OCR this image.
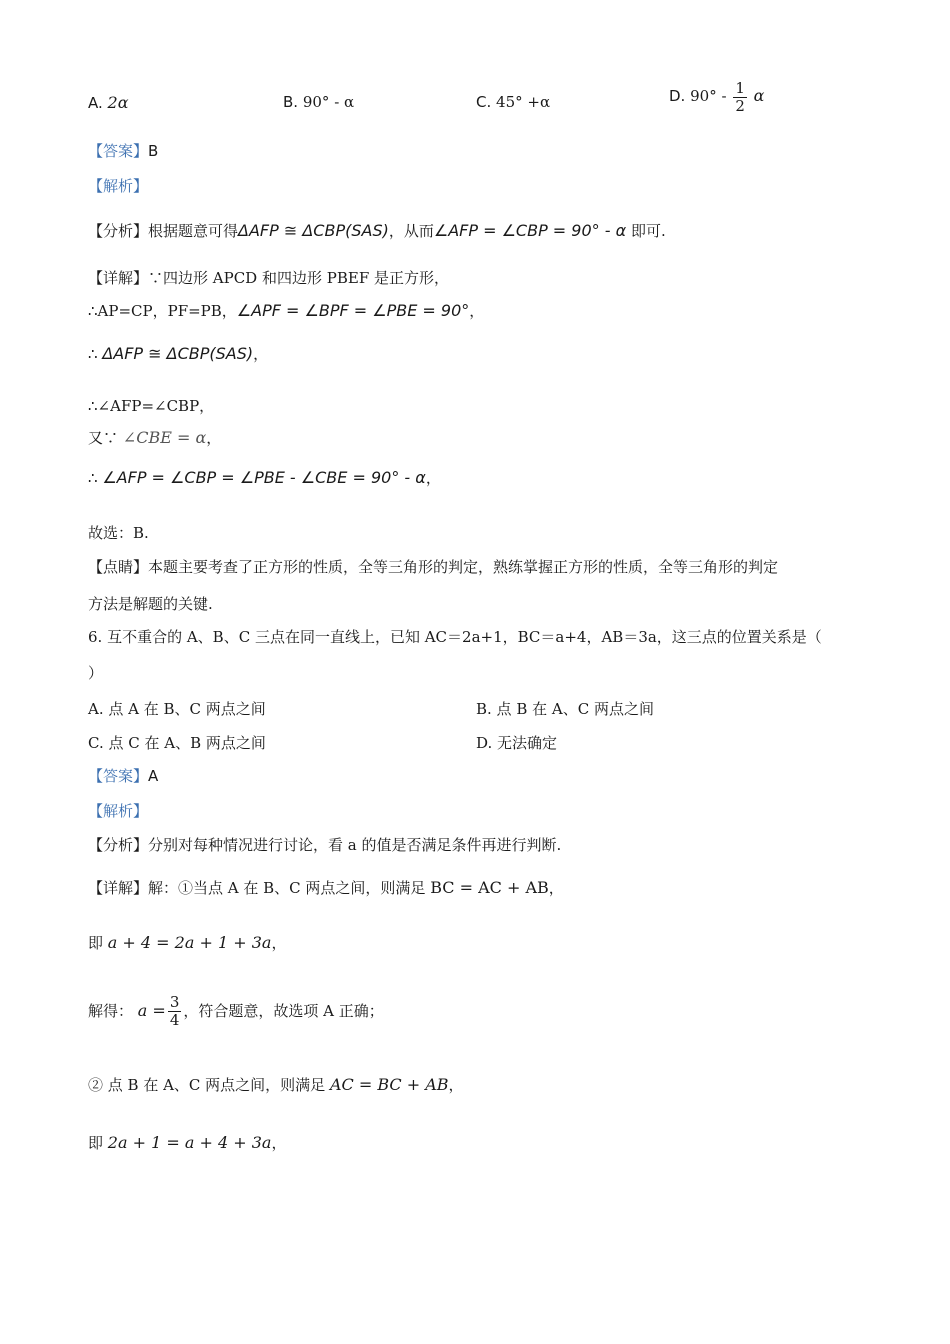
A. 2α	B. 90° - α	C. 45° +α	D. $90^\circ - \frac{1}{2}$ α
【答案】B
【解析】
【分析】根据题意可得ΔAFP ≅ ΔCBP(SAS)，从而∠AFP = ∠CBP = 90° - α 即可.
【详解】∵四边形 APCD 和四边形 PBEF 是正方形，
∴AP=CP，PF=PB，∠APF = ∠BPF = ∠PBE = 90°，
∴ ΔAFP ≅ ΔCBP(SAS)，
∴∠AFP=∠CBP，
又∵ ∠CBE = α，
∴ ∠AFP = ∠CBP = ∠PBE - ∠CBE = 90° - α，
故选：B.
【点睛】本题主要考查了正方形的性质，全等三角形的判定，熟练掌握正方形的性质，全等三角形的判定
方法是解题的关键.
6. 互不重合的 A、B、C 三点在同一直线上，已知 AC＝2a+1，BC＝a+4，AB＝3a，这三点的位置关系是（
）
A. 点 A 在 B、C 两点之间	B. 点 B 在 A、C 两点之间
C. 点 C 在 A、B 两点之间	D. 无法确定
【答案】A
【解析】
【分析】分别对每种情况进行讨论，看 a 的值是否满足条件再进行判断.
【详解】解：①当点 A 在 B、C 两点之间，则满足 BC = AC + AB，
即 a + 4 = 2a + 1 + 3a，
解得： $a = \frac{3}{4}$ ，符合题意，故选项 A 正确；
② 点 B 在 A、C 两点之间，则满足 AC = BC + AB，
即 2a + 1 = a + 4 + 3a，
